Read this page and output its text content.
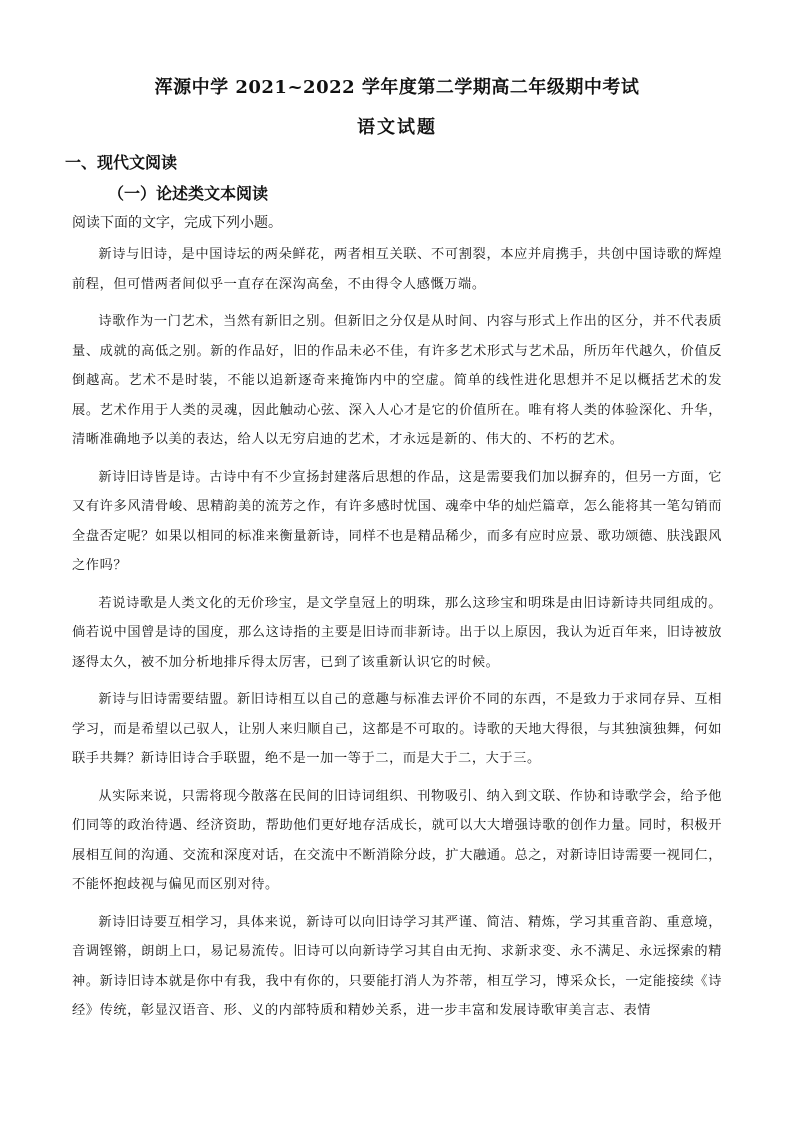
浑源中学 2021~2022 学年度第二学期高二年级期中考试
语文试题
一、现代文阅读
（一）论述类文本阅读
阅读下面的文字，完成下列小题。

新诗与旧诗，是中国诗坛的两朵鲜花，两者相互关联、不可割裂，本应并肩携手，共创中国诗歌的辉煌前程，但可惜两者间似乎一直存在深沟高垒，不由得令人感慨万端。

诗歌作为一门艺术，当然有新旧之别。但新旧之分仅是从时间、内容与形式上作出的区分，并不代表质量、成就的高低之别。新的作品好，旧的作品未必不佳，有许多艺术形式与艺术品，所历年代越久，价值反倒越高。艺术不是时装，不能以追新逐奇来掩饰内中的空虚。简单的线性进化思想并不足以概括艺术的发展。艺术作用于人类的灵魂，因此触动心弦、深入人心才是它的价值所在。唯有将人类的体验深化、升华，清晰准确地予以美的表达，给人以无穷启迪的艺术，才永远是新的、伟大的、不朽的艺术。

新诗旧诗皆是诗。古诗中有不少宣扬封建落后思想的作品，这是需要我们加以摒弃的，但另一方面，它又有许多风清骨峻、思精韵美的流芳之作，有许多感时忧国、魂牵中华的灿烂篇章，怎么能将其一笔勾销而全盘否定呢？如果以相同的标准来衡量新诗，同样不也是精品稀少，而多有应时应景、歌功颂德、肤浅跟风之作吗？

若说诗歌是人类文化的无价珍宝，是文学皇冠上的明珠，那么这珍宝和明珠是由旧诗新诗共同组成的。倘若说中国曾是诗的国度，那么这诗指的主要是旧诗而非新诗。出于以上原因，我认为近百年来，旧诗被放逐得太久，被不加分析地排斥得太厉害，已到了该重新认识它的时候。

新诗与旧诗需要结盟。新旧诗相互以自己的意趣与标准去评价不同的东西，不是致力于求同存异、互相学习，而是希望以己驭人，让别人来归顺自己，这都是不可取的。诗歌的天地大得很，与其独演独舞，何如联手共舞？新诗旧诗合手联盟，绝不是一加一等于二，而是大于二，大于三。

从实际来说，只需将现今散落在民间的旧诗词组织、刊物吸引、纳入到文联、作协和诗歌学会，给予他们同等的政治待遇、经济资助，帮助他们更好地存活成长，就可以大大增强诗歌的创作力量。同时，积极开展相互间的沟通、交流和深度对话，在交流中不断消除分歧，扩大融通。总之，对新诗旧诗需要一视同仁，不能怀抱歧视与偏见而区别对待。

新诗旧诗要互相学习，具体来说，新诗可以向旧诗学习其严谨、简洁、精炼，学习其重音韵、重意境，音调铿锵，朗朗上口，易记易流传。旧诗可以向新诗学习其自由无拘、求新求变、永不满足、永远探索的精神。新诗旧诗本就是你中有我，我中有你的，只要能打消人为芥蒂，相互学习，博采众长，一定能接续《诗经》传统，彰显汉语音、形、义的内部特质和精妙关系，进一步丰富和发展诗歌审美言志、表情
